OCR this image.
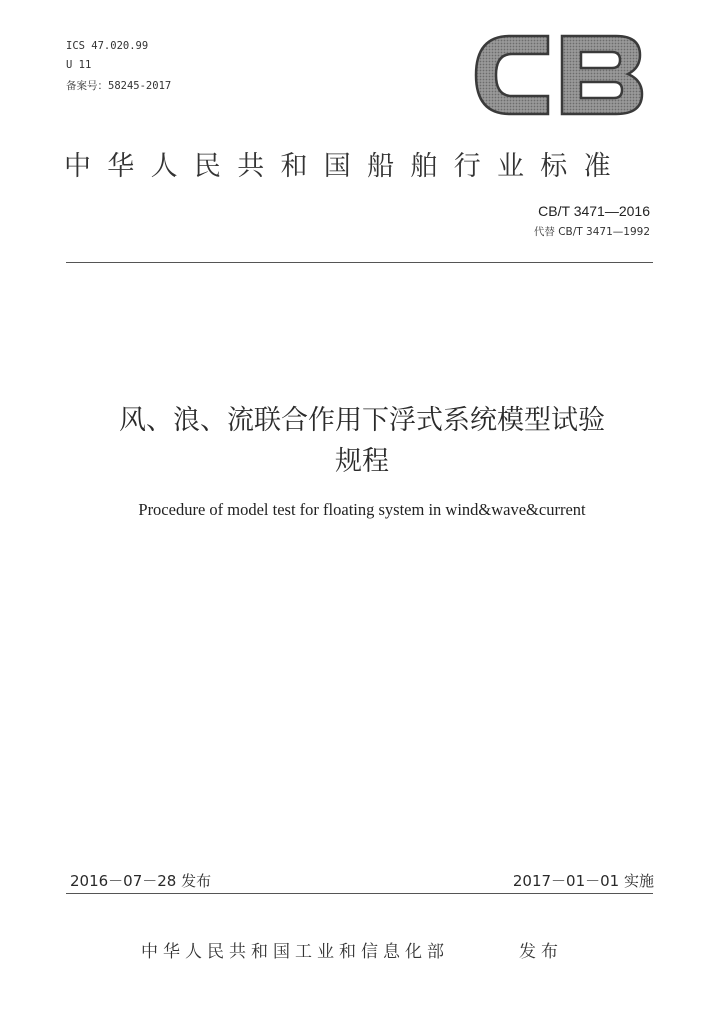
ICS 47.020.99
U 11
备案号：58245-2017
中华人民共和国船舶行业标准
CB/T 3471—2016
代替 CB/T 3471—1992
风、浪、流联合作用下浮式系统模型试验
规程
Procedure of model test for floating system in wind&wave&current
2016－07－28 发布	2017－01－01 实施
中华人民共和国工业和信息化部	发布
